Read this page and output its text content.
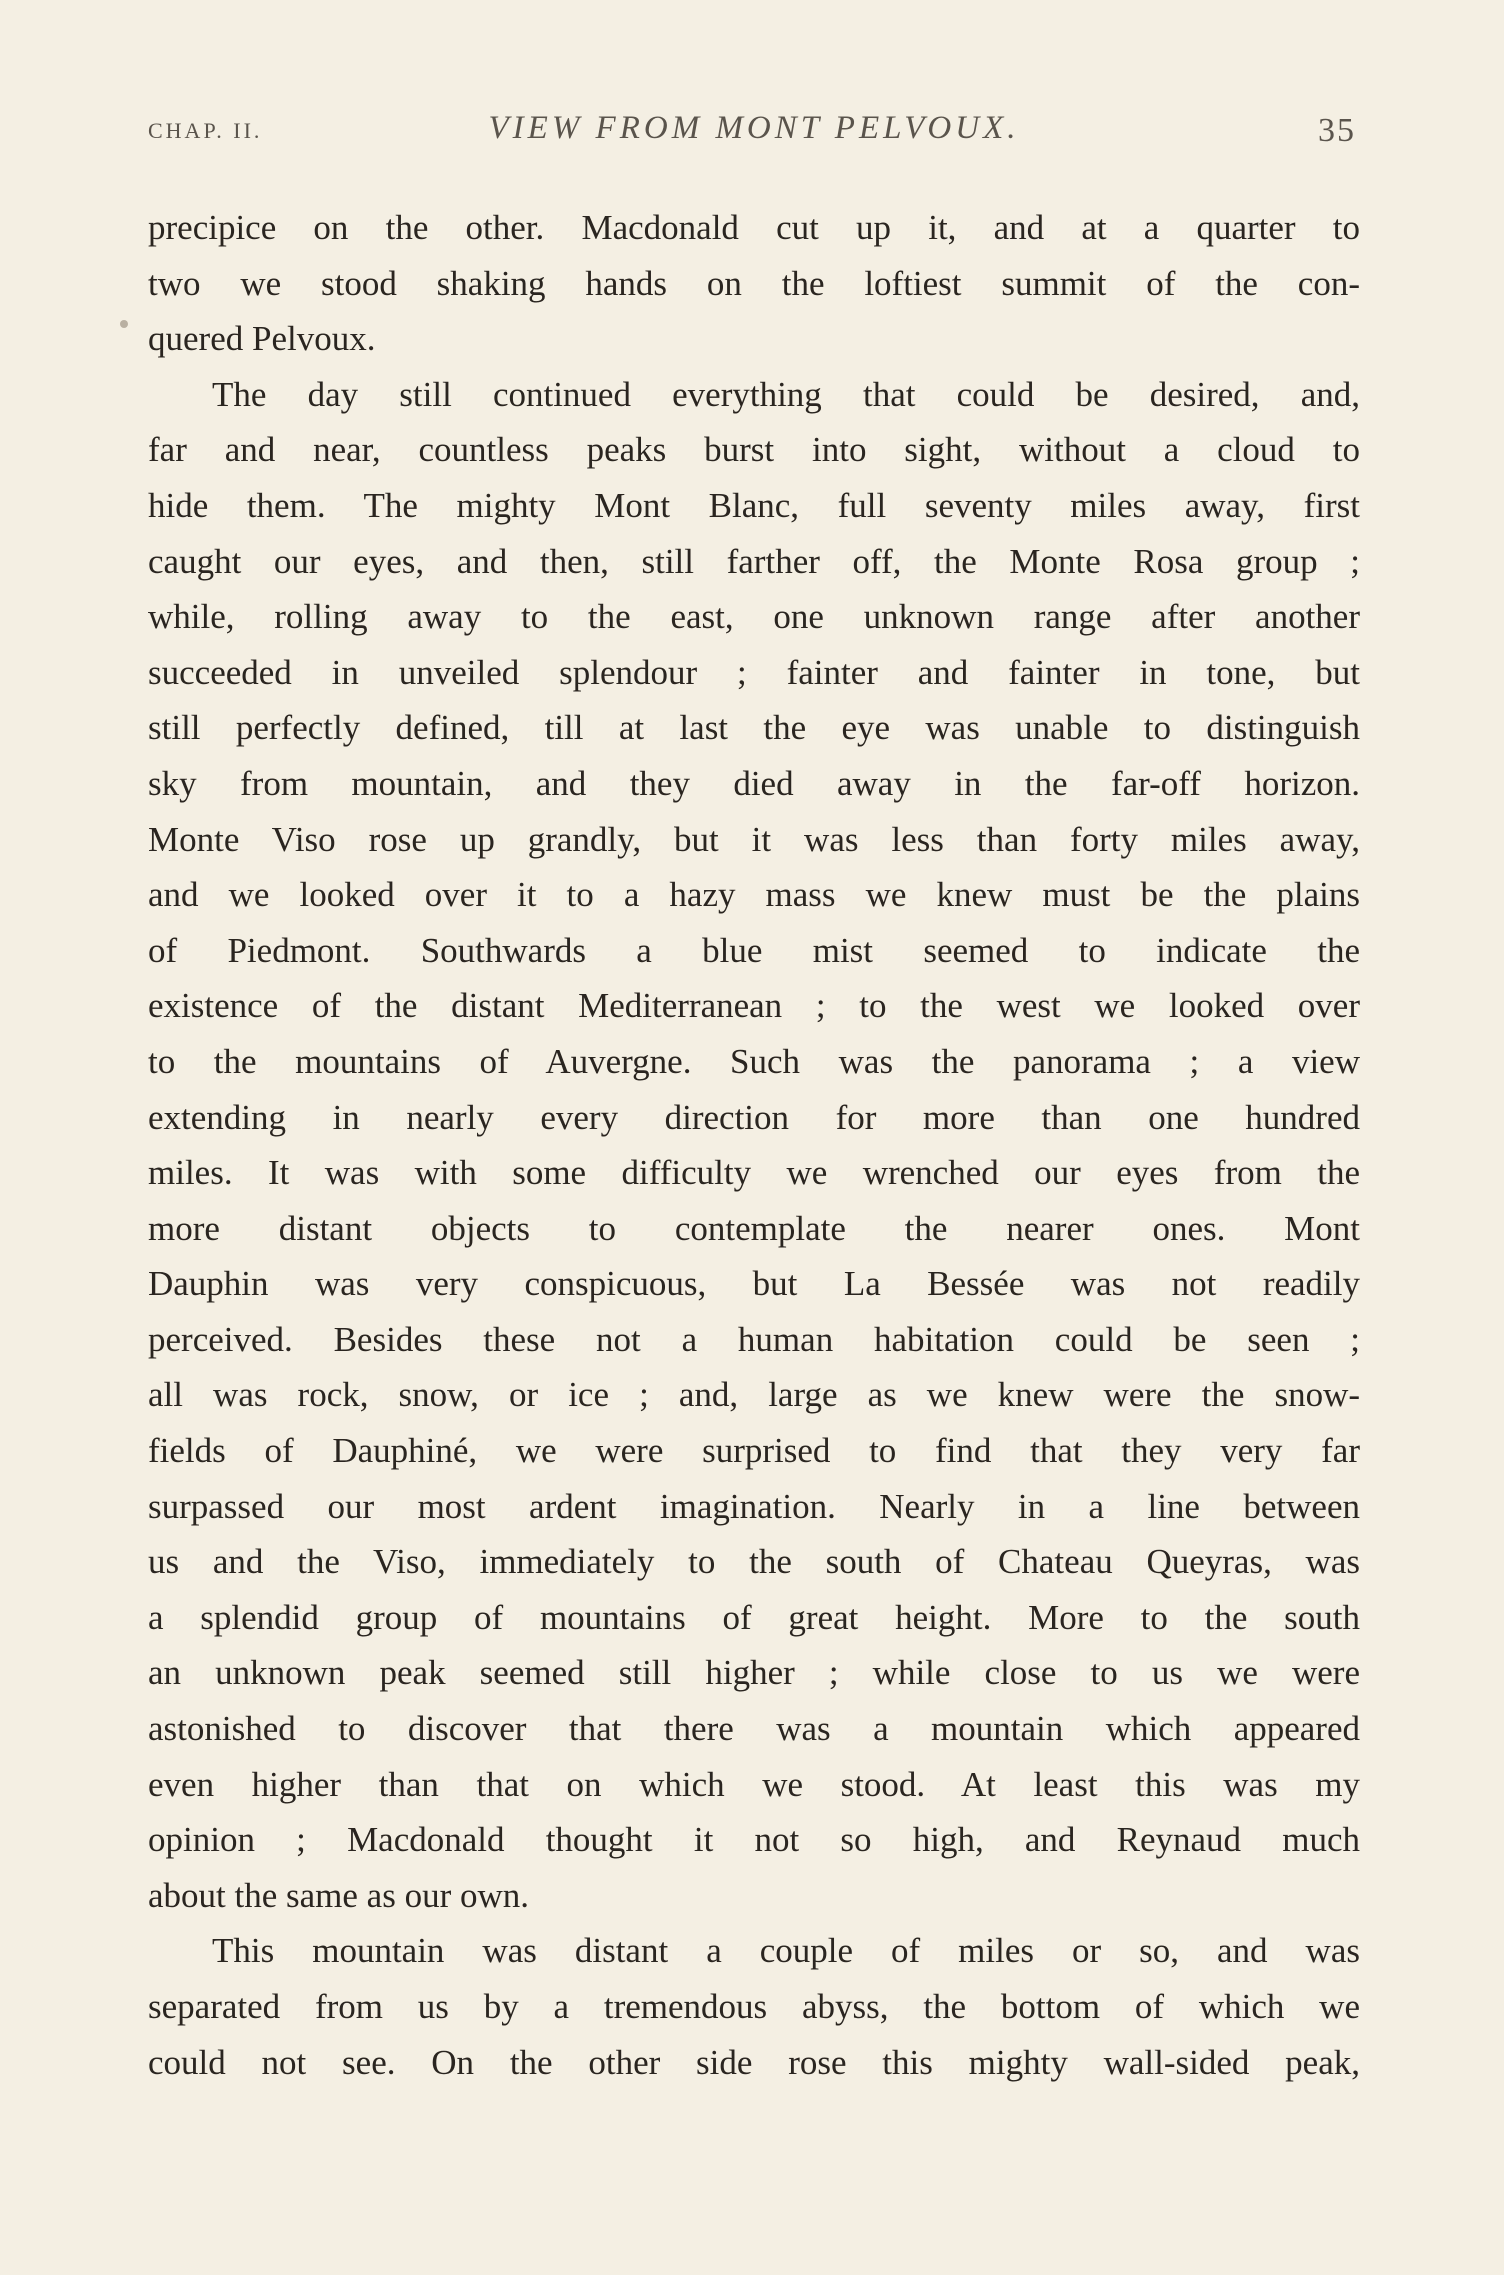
CHAP. II.	VIEW FROM MONT PELVOUX.	35
precipice on the other. Macdonald cut up it, and at a quarter to
two we stood shaking hands on the loftiest summit of the con-
quered Pelvoux.
The day still continued everything that could be desired, and,
far and near, countless peaks burst into sight, without a cloud to
hide them. The mighty Mont Blanc, full seventy miles away, first
caught our eyes, and then, still farther off, the Monte Rosa group ;
while, rolling away to the east, one unknown range after another
succeeded in unveiled splendour ; fainter and fainter in tone, but
still perfectly defined, till at last the eye was unable to distinguish
sky from mountain, and they died away in the far-off horizon.
Monte Viso rose up grandly, but it was less than forty miles away,
and we looked over it to a hazy mass we knew must be the plains
of Piedmont. Southwards a blue mist seemed to indicate the
existence of the distant Mediterranean ; to the west we looked over
to the mountains of Auvergne. Such was the panorama ; a view
extending in nearly every direction for more than one hundred
miles. It was with some difficulty we wrenched our eyes from the
more distant objects to contemplate the nearer ones. Mont
Dauphin was very conspicuous, but La Bessée was not readily
perceived. Besides these not a human habitation could be seen ;
all was rock, snow, or ice ; and, large as we knew were the snow-
fields of Dauphiné, we were surprised to find that they very far
surpassed our most ardent imagination. Nearly in a line between
us and the Viso, immediately to the south of Chateau Queyras, was
a splendid group of mountains of great height. More to the south
an unknown peak seemed still higher ; while close to us we were
astonished to discover that there was a mountain which appeared
even higher than that on which we stood. At least this was my
opinion ; Macdonald thought it not so high, and Reynaud much
about the same as our own.
This mountain was distant a couple of miles or so, and was
separated from us by a tremendous abyss, the bottom of which we
could not see. On the other side rose this mighty wall-sided peak,
